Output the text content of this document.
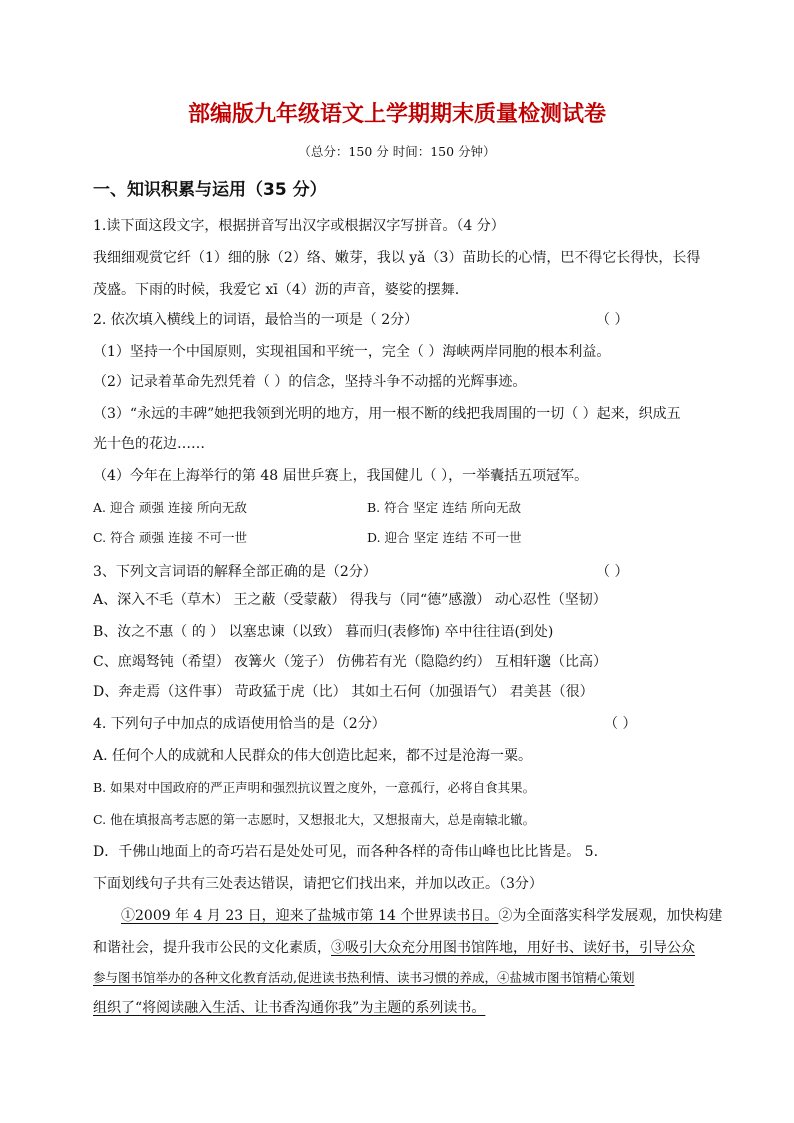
部编版九年级语文上学期期末质量检测试卷
（总分：150 分 时间：150 分钟）
一、知识积累与运用（35 分）
1.读下面这段文字，根据拼音写出汉字或根据汉字写拼音。（4 分）
我细细观赏它纤（1）细的脉（2）络、嫩芽，我以 yǎ（3）苗助长的心情，巴不得它长得快，长得
茂盛。下雨的时候，我爱它 xī（4）沥的声音，婆娑的摆舞.
2. 依次填入横线上的词语，最恰当的一项是（ 2分）	（ ）
（1）坚持一个中国原则，实现祖国和平统一，完全（ ）海峡两岸同胞的根本利益。
（2）记录着革命先烈凭着（ ）的信念，坚持斗争不动摇的光辉事迹。
（3）“永远的丰碑”她把我领到光明的地方，用一根不断的线把我周围的一切（ ）起来，织成五
光十色的花边……
（4）今年在上海举行的第 48 届世乒赛上，我国健儿（ ），一举囊括五项冠军。
A. 迎合 顽强 连接 所向无敌	B. 符合 坚定 连结 所向无敌
C. 符合 顽强 连接 不可一世	D. 迎合 坚定 连结 不可一世
3、下列文言词语的解释全部正确的是（2分）	（ ）
A、深入不毛（草木） 王之蔽（受蒙蔽） 得我与（同“德”感激） 动心忍性（坚韧）
B、汝之不惠（ 的 ） 以塞忠谏（以致） 暮而归(表修饰) 卒中往往语(到处)
C、庶竭驽钝（希望） 夜篝火（笼子） 仿佛若有光（隐隐约约） 互相轩邈（比高）
D、奔走焉（这件事） 苛政猛于虎（比） 其如土石何（加强语气） 君美甚（很）
4. 下列句子中加点的成语使用恰当的是（2分）	（ ）
A. 任何个人的成就和人民群众的伟大创造比起来，都不过是沧海一粟。
B. 如果对中国政府的严正声明和强烈抗议置之度外，一意孤行，必将自食其果。
C. 他在填报高考志愿的第一志愿时，又想报北大，又想报南大，总是南辕北辙。
D．千佛山地面上的奇巧岩石是处处可见，而各种各样的奇伟山峰也比比皆是。 5.
下面划线句子共有三处表达错误，请把它们找出来，并加以改正。（3分）
①2009 年 4 月 23 日，迎来了盐城市第 14 个世界读书日。②为全面落实科学发展观，加快构建
和谐社会，提升我市公民的文化素质，③吸引大众充分用图书馆阵地，用好书、读好书，引导公众
参与图书馆举办的各种文化教育活动,促进读书热利情、读书习惯的养成，④盐城市图书馆精心策划
组织了“将阅读融入生活、让书香沟通你我”为主题的系列读书。
